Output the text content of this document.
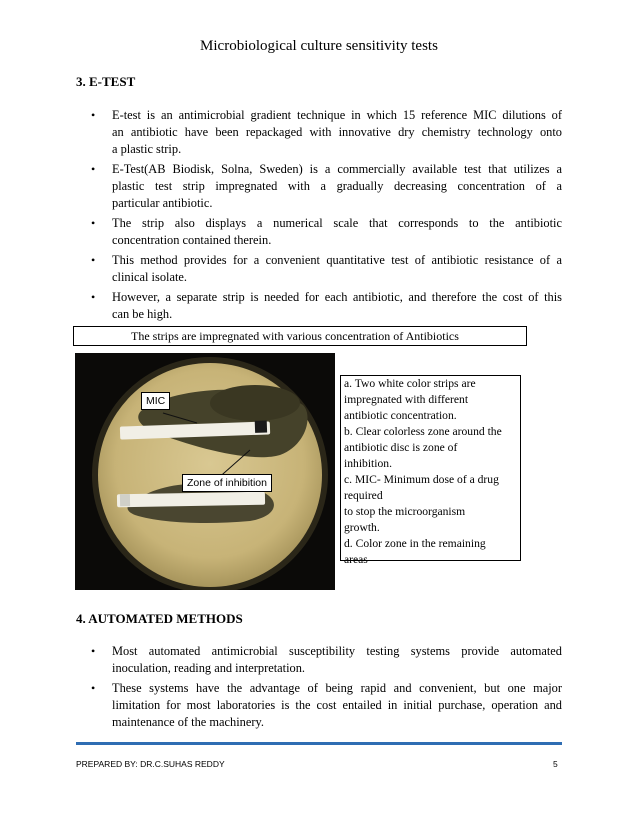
Microbiological culture sensitivity tests
3. E-TEST
• E-test is an antimicrobial gradient technique in which 15 reference MIC dilutions of
an antibiotic have been repackaged with innovative dry chemistry technology onto
a plastic strip.
• E-Test(AB Biodisk, Solna, Sweden) is a commercially available test that utilizes a
plastic test strip impregnated with a gradually decreasing concentration of a
particular antibiotic.
• The strip also displays a numerical scale that corresponds to the antibiotic
concentration contained therein.
• This method provides for a convenient quantitative test of antibiotic resistance of a
clinical isolate.
• However, a separate strip is needed for each antibiotic, and therefore the cost of this
can be high.
The strips are impregnated with various concentration of Antibiotics
MIC
Zone of inhibition
a. Two white color strips are
impregnated with different
antibiotic concentration.
b. Clear colorless zone around the
antibiotic disc is zone of
inhibition.
c. MIC- Minimum dose of a drug
required
to stop the microorganism
growth.
d. Color zone in the remaining
areas
4. AUTOMATED METHODS
• Most automated antimicrobial susceptibility testing systems provide automated
inoculation, reading and interpretation.
• These systems have the advantage of being rapid and convenient, but one major
limitation for most laboratories is the cost entailed in initial purchase, operation and
maintenance of the machinery.
PREPARED BY: DR.C.SUHAS REDDY	5
